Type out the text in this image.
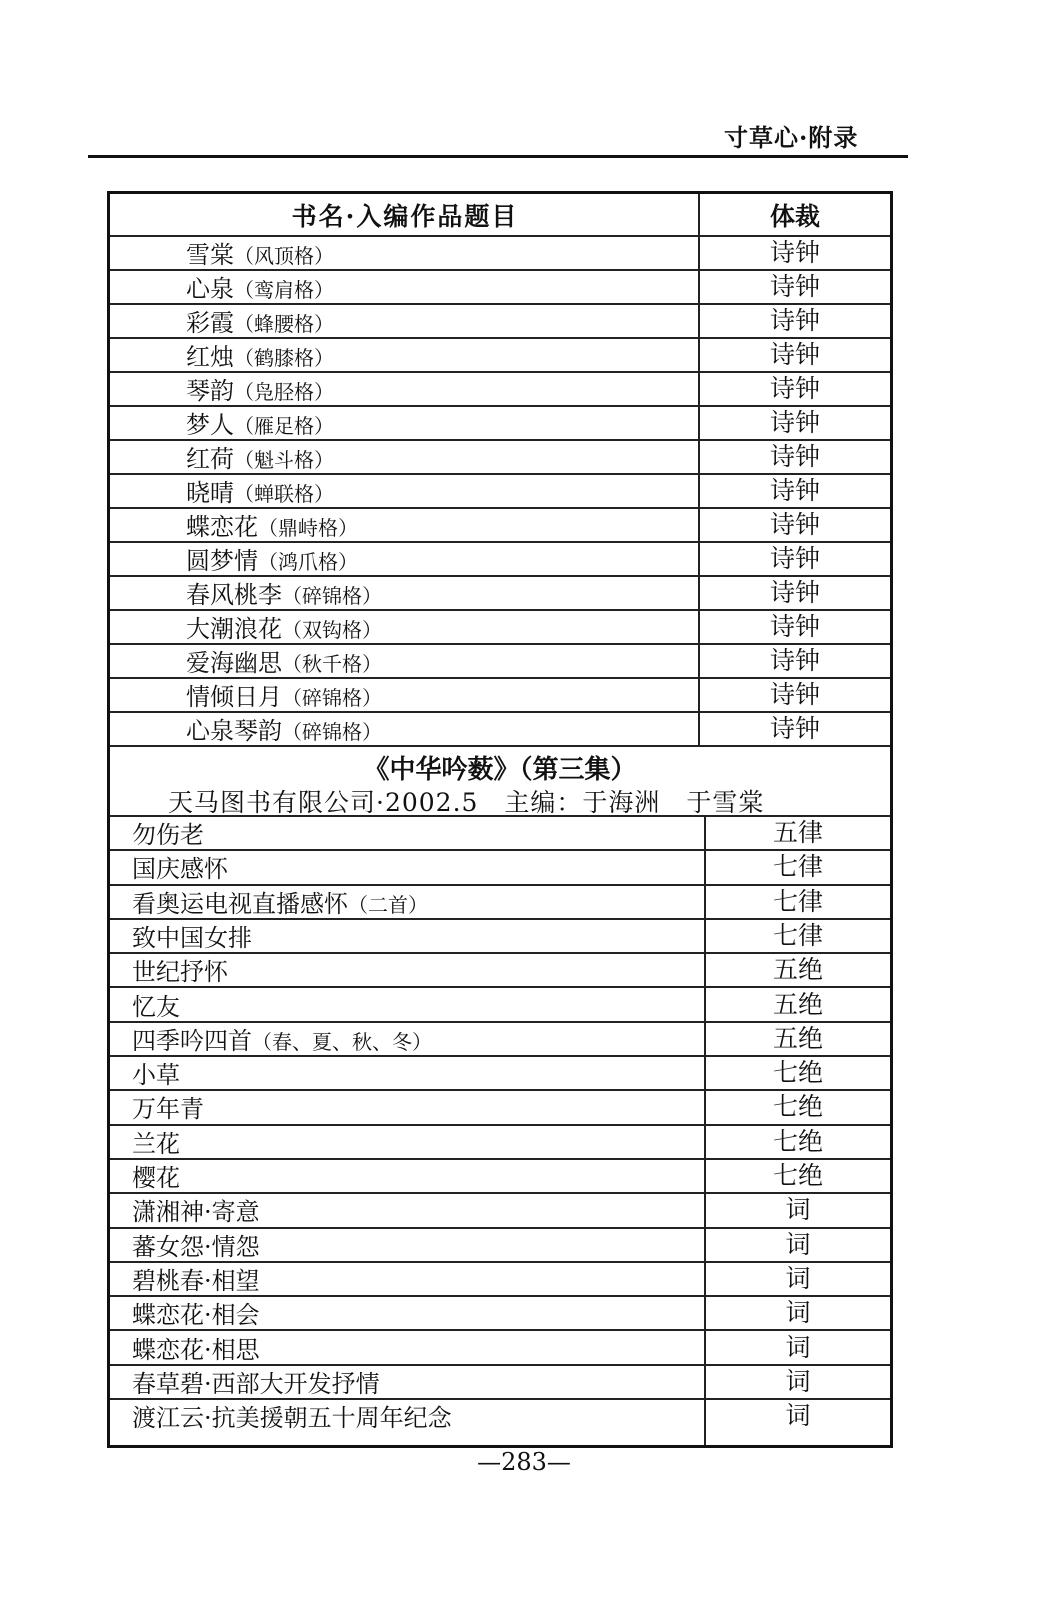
寸草心·附录
书名·入编作品题目	体裁
雪棠（风顶格）	诗钟
心泉（鸾肩格）	诗钟
彩霞（蜂腰格）	诗钟
红烛（鹤膝格）	诗钟
琴韵（凫胫格）	诗钟
梦人（雁足格）	诗钟
红荷（魁斗格）	诗钟
晓晴（蝉联格）	诗钟
蝶恋花（鼎峙格）	诗钟
圆梦情（鸿爪格）	诗钟
春风桃李（碎锦格）	诗钟
大潮浪花（双钩格）	诗钟
爱海幽思（秋千格）	诗钟
情倾日月（碎锦格）	诗钟
心泉琴韵（碎锦格）	诗钟
《中华吟薮》（第三集）
天马图书有限公司·2002.5　主编：于海洲　于雪棠
勿伤老	五律
国庆感怀	七律
看奥运电视直播感怀（二首）	七律
致中国女排	七律
世纪抒怀	五绝
忆友	五绝
四季吟四首（春、夏、秋、冬）	五绝
小草	七绝
万年青	七绝
兰花	七绝
樱花	七绝
潇湘神·寄意	词
蕃女怨·情怨	词
碧桃春·相望	词
蝶恋花·相会	词
蝶恋花·相思	词
春草碧·西部大开发抒情	词
渡江云·抗美援朝五十周年纪念	词
—283—
